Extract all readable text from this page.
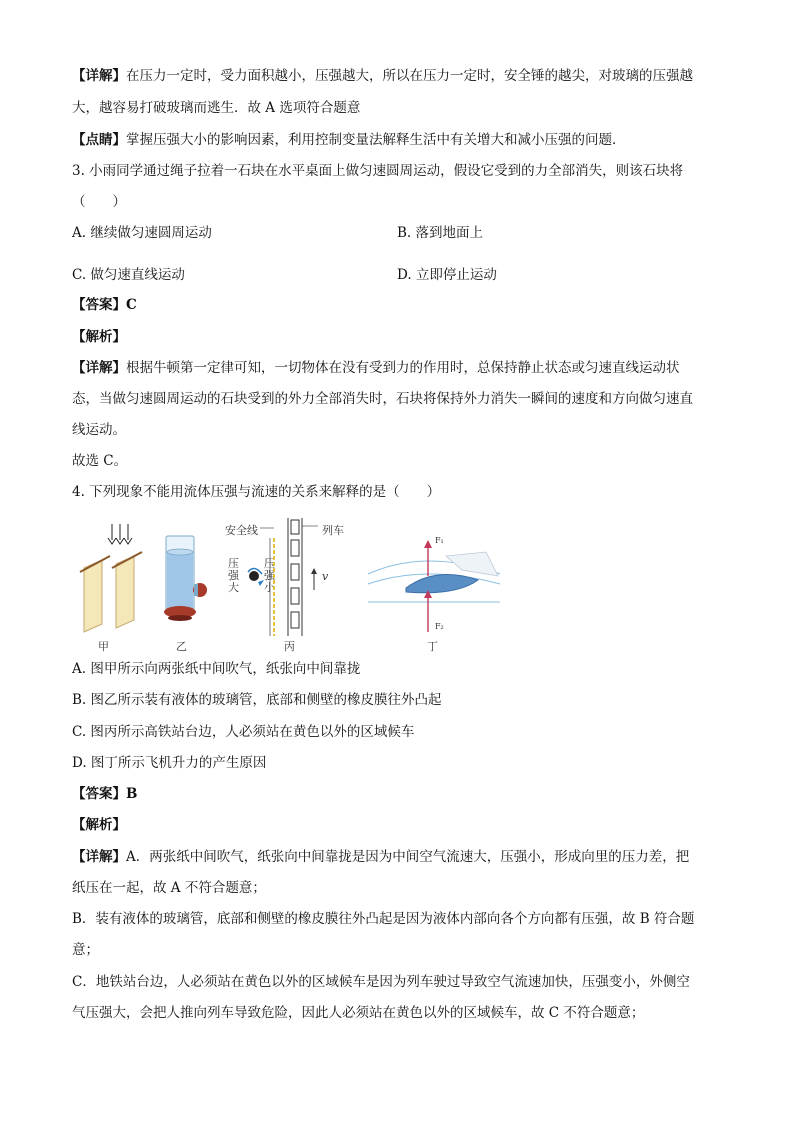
【详解】在压力一定时，受力面积越小，压强越大，所以在压力一定时，安全锤的越尖，对玻璃的压强越
大，越容易打破玻璃而逃生．故 A 选项符合题意
【点睛】掌握压强大小的影响因素，利用控制变量法解释生活中有关增大和减小压强的问题．
3. 小雨同学通过绳子拉着一石块在水平桌面上做匀速圆周运动，假设它受到的力全部消失，则该石块将
（　　）
A. 继续做匀速圆周运动	B. 落到地面上
C. 做匀速直线运动	D. 立即停止运动
【答案】C
【解析】
【详解】根据牛顿第一定律可知，一切物体在没有受到力的作用时，总保持静止状态或匀速直线运动状
态，当做匀速圆周运动的石块受到的外力全部消失时，石块将保持外力消失一瞬间的速度和方向做匀速直
线运动。
故选 C。
4. 下列现象不能用流体压强与流速的关系来解释的是（　　）
甲	乙
安全线	列车
压强大
压强小
v
丙
F₁
F₂
丁
A. 图甲所示向两张纸中间吹气，纸张向中间靠拢
B. 图乙所示装有液体的玻璃管，底部和侧壁的橡皮膜往外凸起
C. 图丙所示高铁站台边，人必须站在黄色以外的区域候车
D. 图丁所示飞机升力的产生原因
【答案】B
【解析】
【详解】A．两张纸中间吹气，纸张向中间靠拢是因为中间空气流速大，压强小，形成向里的压力差，把
纸压在一起，故 A 不符合题意；
B．装有液体的玻璃管，底部和侧壁的橡皮膜往外凸起是因为液体内部向各个方向都有压强，故 B 符合题
意；
C．地铁站台边，人必须站在黄色以外的区域候车是因为列车驶过导致空气流速加快，压强变小，外侧空
气压强大，会把人推向列车导致危险，因此人必须站在黄色以外的区域候车，故 C 不符合题意；
